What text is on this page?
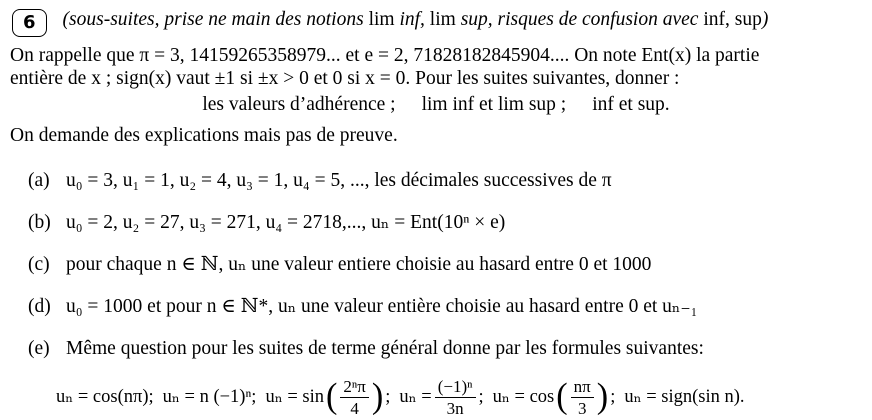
6 (sous-suites, prise ne main des notions lim inf, lim sup, risques de confusion avec inf, sup)

On rappelle que π = 3, 14159265358979... et e = 2, 71828182845904.... On note Ent(x) la partie
entière de x ; sign(x) vaut ±1 si ±x > 0 et 0 si x = 0. Pour les suites suivantes, donner :

les valeurs d’adhérence ; lim inf et lim sup ; inf et sup.

On demande des explications mais pas de preuve.

(a) u₀ = 3, u₁ = 1, u₂ = 4, u₃ = 1, u₄ = 5, ..., les décimales successives de π
(b) u₀ = 2, u₂ = 27, u₃ = 271, u₄ = 2718,..., uₙ = Ent(10ⁿ × e)
(c) pour chaque n ∈ ℕ, uₙ une valeur entiere choisie au hasard entre 0 et 1000
(d) u₀ = 1000 et pour n ∈ ℕ*, uₙ une valeur entière choisie au hasard entre 0 et uₙ₋₁
(e) Même question pour les suites de terme général donne par les formules suivantes:
uₙ = cos(nπ); uₙ = n (−1)ⁿ; uₙ = sin ( $\frac{\text{2ⁿπ}}{4}$ ) ; $u_n = \frac{\text{(−1)ⁿ}}{3n}$ ; uₙ = cos ( $\frac{n\pi}{3}$ ) ; uₙ = sign(sin n).
